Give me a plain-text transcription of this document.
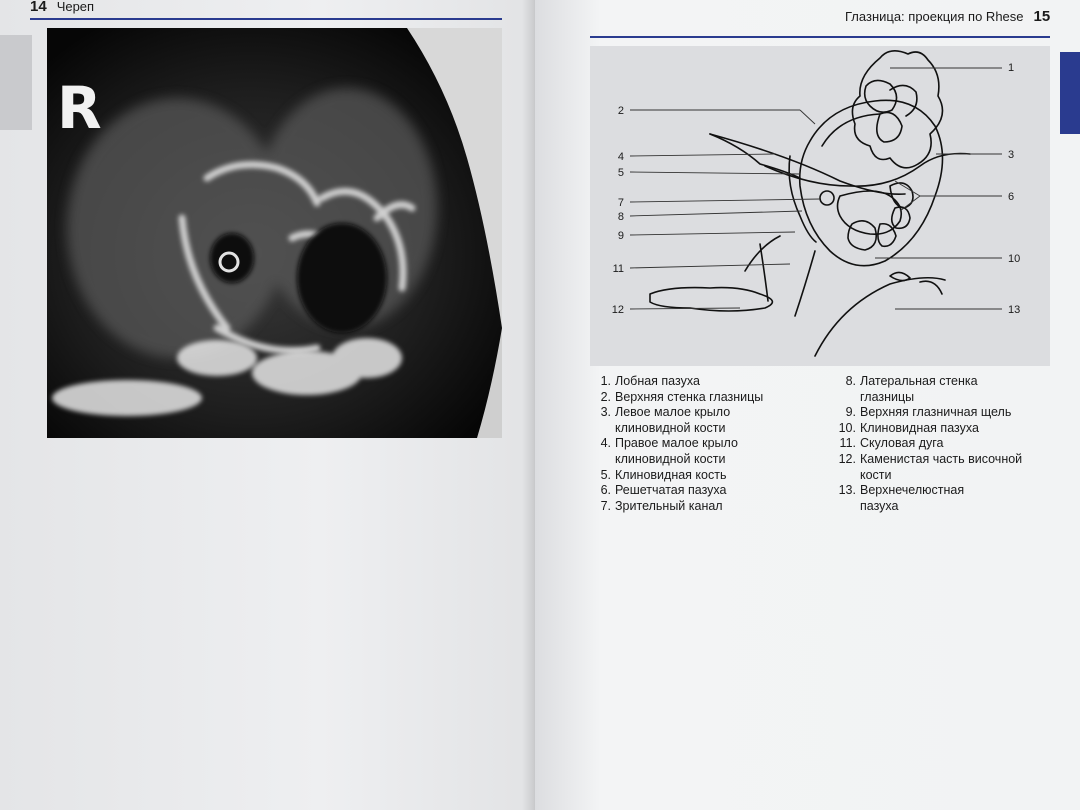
14 Череп
R
Глазница: проекция по Rhese 15
1
2
3
4
5
6
7
8
9
10
11
12	13
1. Лобная пазуха
2. Верхняя стенка глазницы
3. Левое малое крыло
клиновидной кости
4. Правое малое крыло
клиновидной кости
5. Клиновидная кость
6. Решетчатая пазуха
7. Зрительный канал
8. Латеральная стенка
глазницы
9. Верхняя глазничная щель
10. Клиновидная пазуха
11. Скуловая дуга
12. Каменистая часть височной
кости
13. Верхнечелюстная
пазуха
